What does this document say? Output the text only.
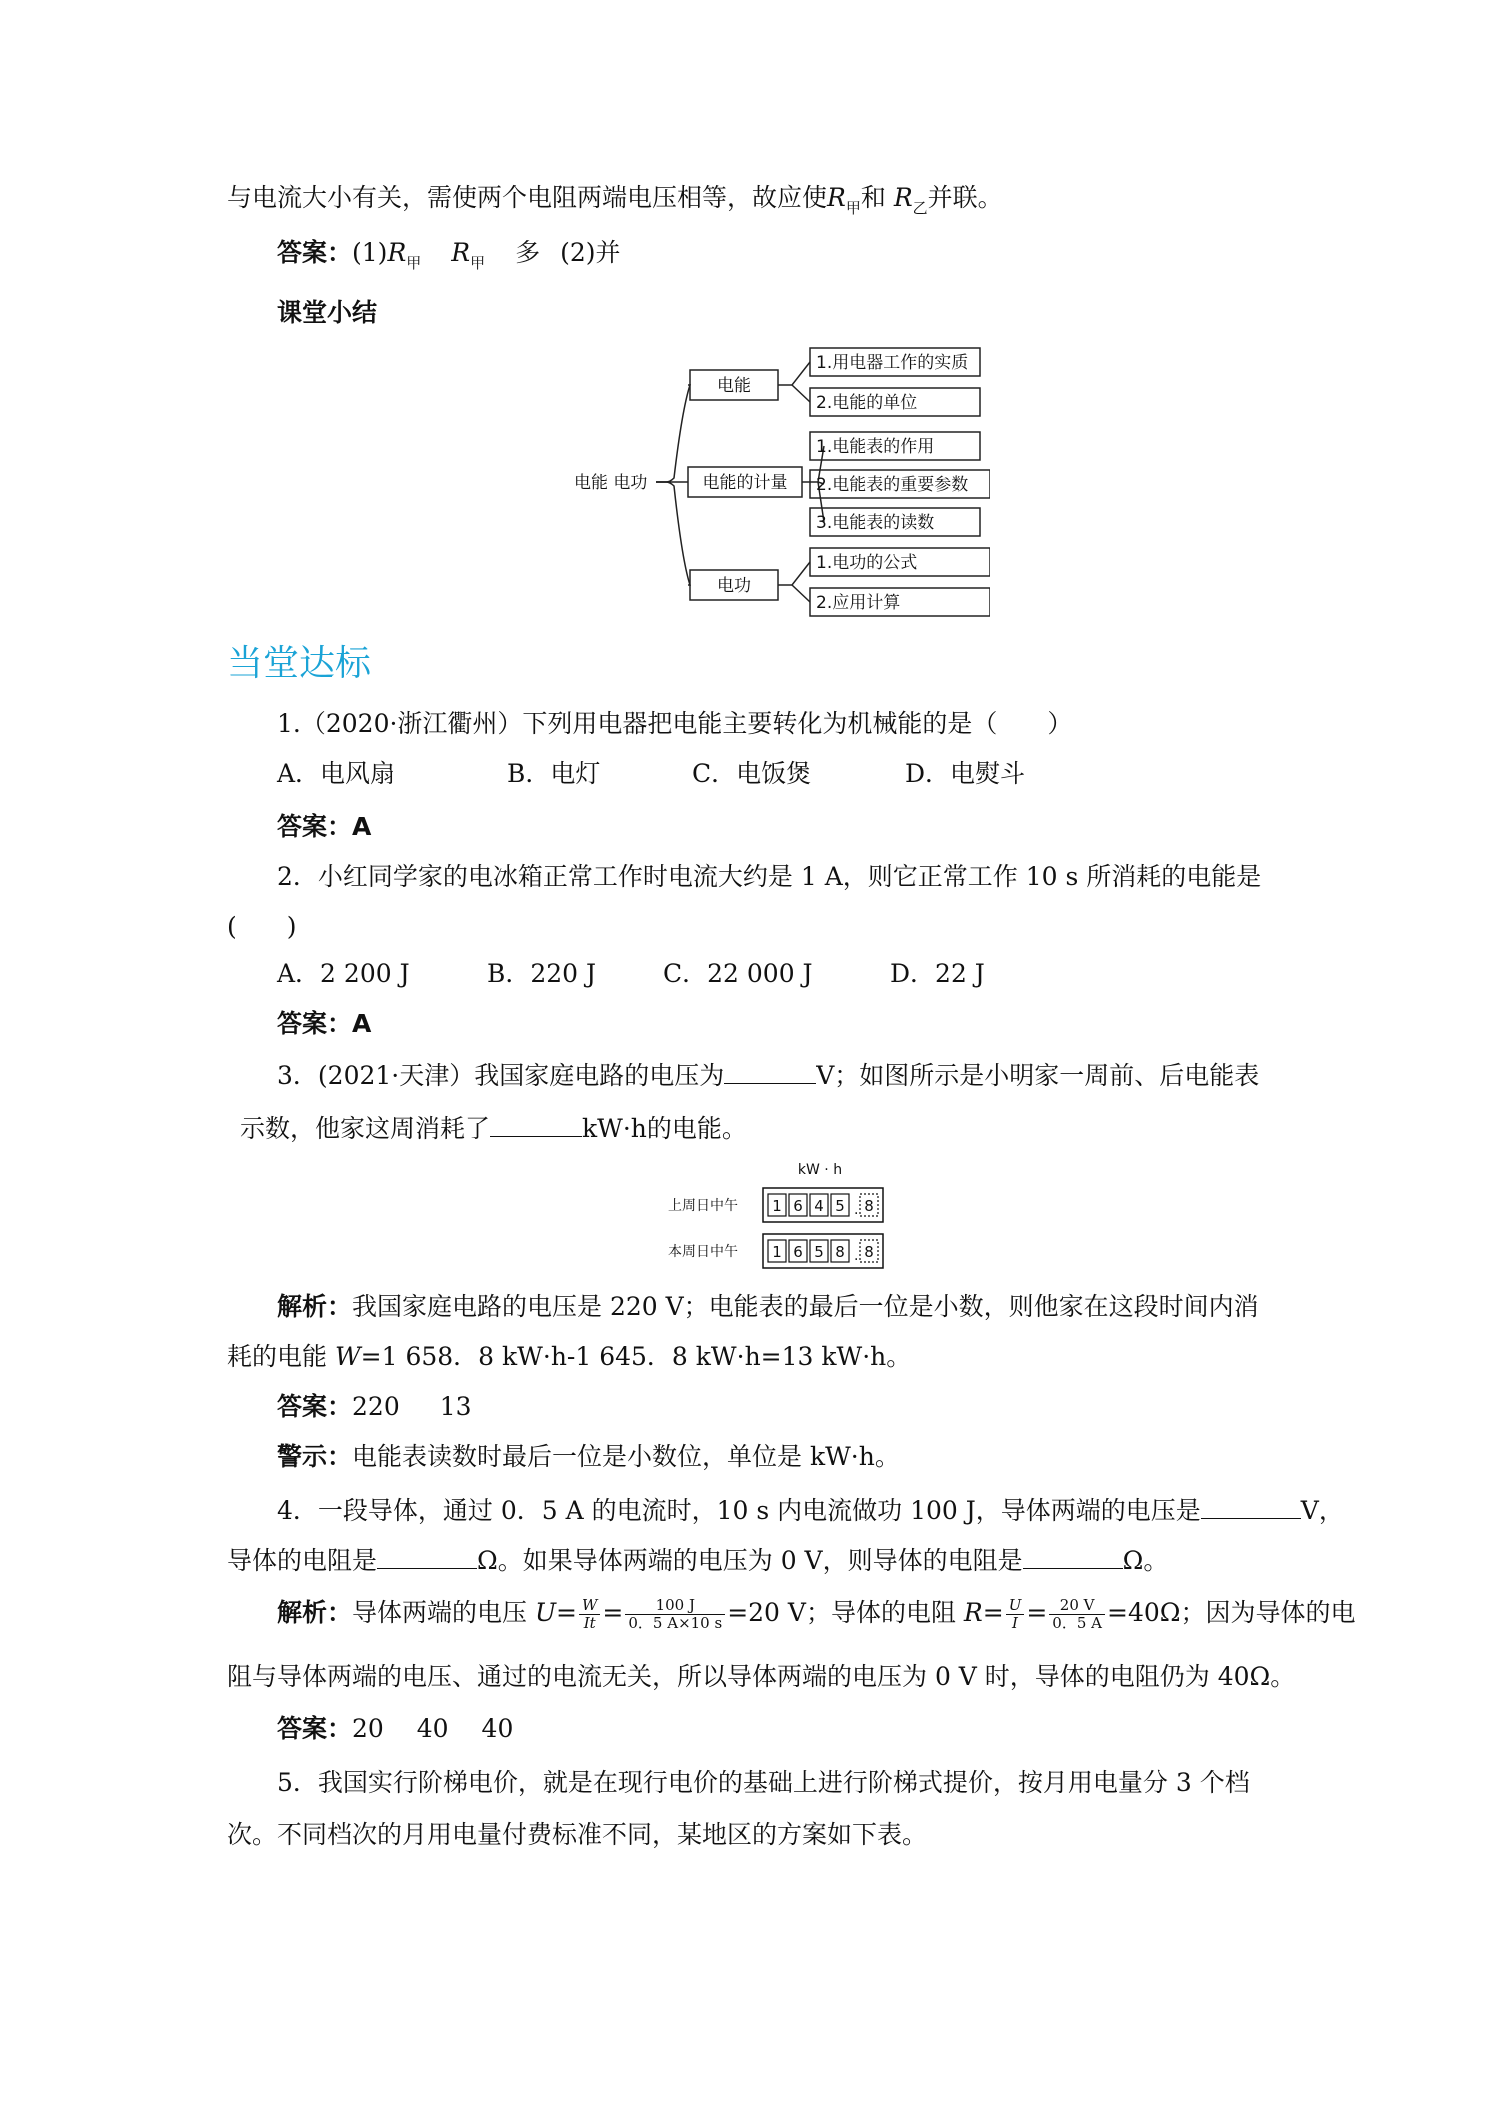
与电流大小有关，需使两个电阻两端电压相等，故应使$R_甲$和 $R_乙$并联。
答案：$(1)R_甲$ $R_甲$ 多 (2)并
课堂小结
电能 电功
电能
电能的计量
电功
1.用电器工作的实质
2.电能的单位
1.电能表的作用
2.电能表的重要参数
3.电能表的读数
1.电功的公式
2.应用计算
当堂达标
1.（2020·浙江衢州）下列用电器把电能主要转化为机械能的是（　　）
A．电风扇	B．电灯	C．电饭煲	D．电熨斗
答案：A
2．小红同学家的电冰箱正常工作时电流大约是 1 A，则它正常工作 10 s 所消耗的电能是
(　　)
A．2 200 J	B．220 J	C．22 000 J	D．22 J
答案：A
3．(2021·天津）我国家庭电路的电压为	V；如图所示是小明家一周前、后电能表
示数，他家这周消耗了	kW·h的电能。
kW · h
上周日中午	.
1 6 4 5 8
本周日中午	.
1 6 5 8 8
解析：我国家庭电路的电压是 220 V；电能表的最后一位是小数，则他家在这段时间内消
耗的电能 W=1 658．8 kW·h-1 645．8 kW·h=13 kW·h。
答案：220 13
警示：电能表读数时最后一位是小数位，单位是 kW·h。
4．一段导体，通过 0．5 A 的电流时，10 s 内电流做功 100 J，导体两端的电压是	V，
导体的电阻是	Ω。如果导体两端的电压为 0 V，则导体的电阻是	Ω。
解析：导体两端的电压 $U= \frac{W}{It} = \frac{100 J}{0.5 A\times 10 s} =20$ V；导体的电阻 $R= \frac{U}{I} = \frac{20 V}{0.5 A} =40\Omega$；因为导体的电
阻与导体两端的电压、通过的电流无关，所以导体两端的电压为 0 V 时，导体的电阻仍为 40Ω。
答案：20　 40　 40
5．我国实行阶梯电价，就是在现行电价的基础上进行阶梯式提价，按月用电量分 3 个档
次。不同档次的月用电量付费标准不同，某地区的方案如下表。
